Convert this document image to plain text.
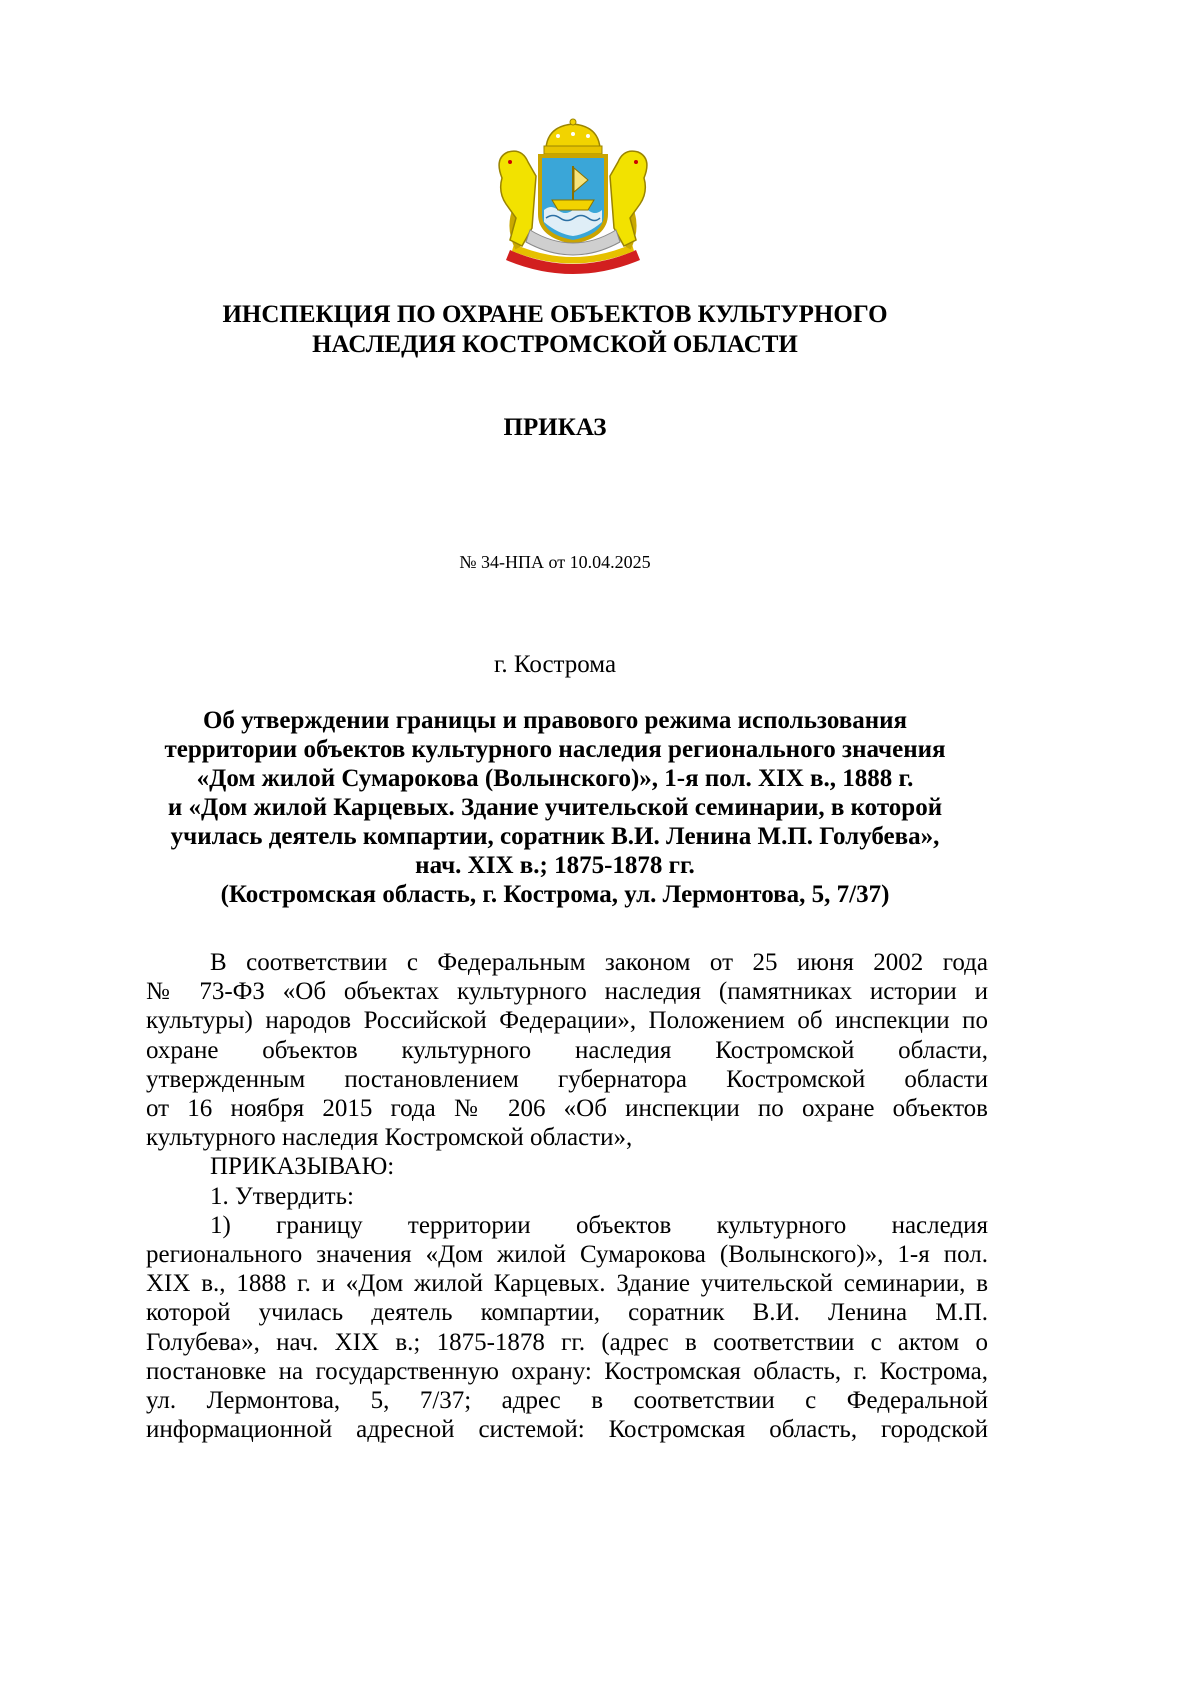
ИНСПЕКЦИЯ ПО ОХРАНЕ ОБЪЕКТОВ КУЛЬТУРНОГО
НАСЛЕДИЯ КОСТРОМСКОЙ ОБЛАСТИ
ПРИКАЗ
№ 34-НПА от 10.04.2025
г. Кострома
Об утверждении границы и правового режима использования
территории объектов культурного наследия регионального значения
«Дом жилой Сумарокова (Волынского)», 1-я пол. XIX в., 1888 г.
и «Дом жилой Карцевых. Здание учительской семинарии, в которой
училась деятель компартии, соратник В.И. Ленина М.П. Голубева»,
нач. XIX в.; 1875-1878 гг.
(Костромская область, г. Кострома, ул. Лермонтова, 5, 7/37)
В соответствии с Федеральным законом от 25 июня 2002 года
№ 73-ФЗ «Об объектах культурного наследия (памятниках истории и
культуры) народов Российской Федерации», Положением об инспекции по
охране объектов культурного наследия Костромской области,
утвержденным постановлением губернатора Костромской области
от 16 ноября 2015 года № 206 «Об инспекции по охране объектов
культурного наследия Костромской области»,
ПРИКАЗЫВАЮ:
1. Утвердить:
1) границу территории объектов культурного наследия
регионального значения «Дом жилой Сумарокова (Волынского)», 1-я пол.
XIX в., 1888 г. и «Дом жилой Карцевых. Здание учительской семинарии, в
которой училась деятель компартии, соратник В.И. Ленина М.П.
Голубева», нач. XIX в.; 1875-1878 гг. (адрес в соответствии с актом о
постановке на государственную охрану: Костромская область, г. Кострома,
ул. Лермонтова, 5, 7/37; адрес в соответствии с Федеральной
информационной адресной системой: Костромская область, городской
